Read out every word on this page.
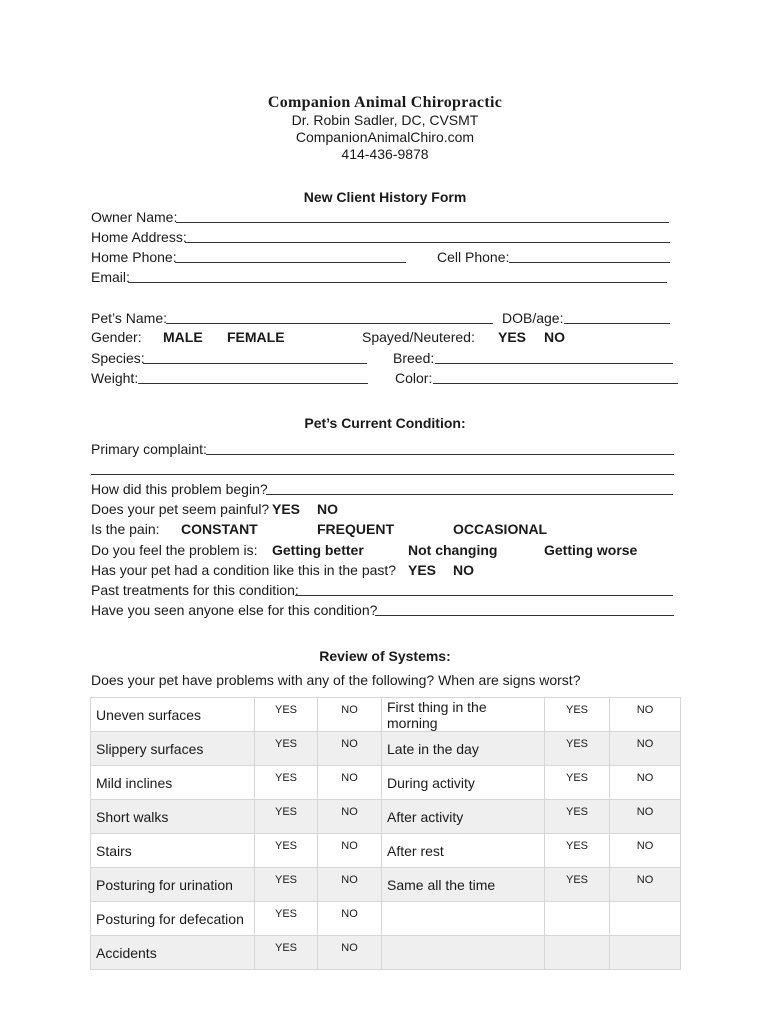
Companion Animal Chiropractic
Dr. Robin Sadler, DC, CVSMT
CompanionAnimalChiro.com
414-436-9878
New Client History Form
Owner Name:
Home Address:
Home Phone:	Cell Phone:
Email:
Pet’s Name:	DOB/age:
Gender: MALE FEMALE	Spayed/Neutered: YES NO
Species:	Breed:
Weight:	Color:
Pet’s Current Condition:
Primary complaint:
How did this problem begin?
Does your pet seem painful? YES NO
Is the pain: CONSTANT	FREQUENT	OCCASIONAL
Do you feel the problem is: Getting better	Not changing	Getting worse
Has your pet had a condition like this in the past? YES NO
Past treatments for this condition:
Have you seen anyone else for this condition?
Review of Systems:
Does your pet have problems with any of the following? When are signs worst?
Uneven surfaces	YES	NO	First thing in the morning	YES	NO
Slippery surfaces	YES	NO	Late in the day	YES	NO
Mild inclines	YES	NO	During activity	YES	NO
Short walks	YES	NO	After activity	YES	NO
Stairs	YES	NO	After rest	YES	NO
Posturing for urination	YES	NO	Same all the time	YES	NO
Posturing for defecation	YES	NO			
Accidents	YES	NO			
